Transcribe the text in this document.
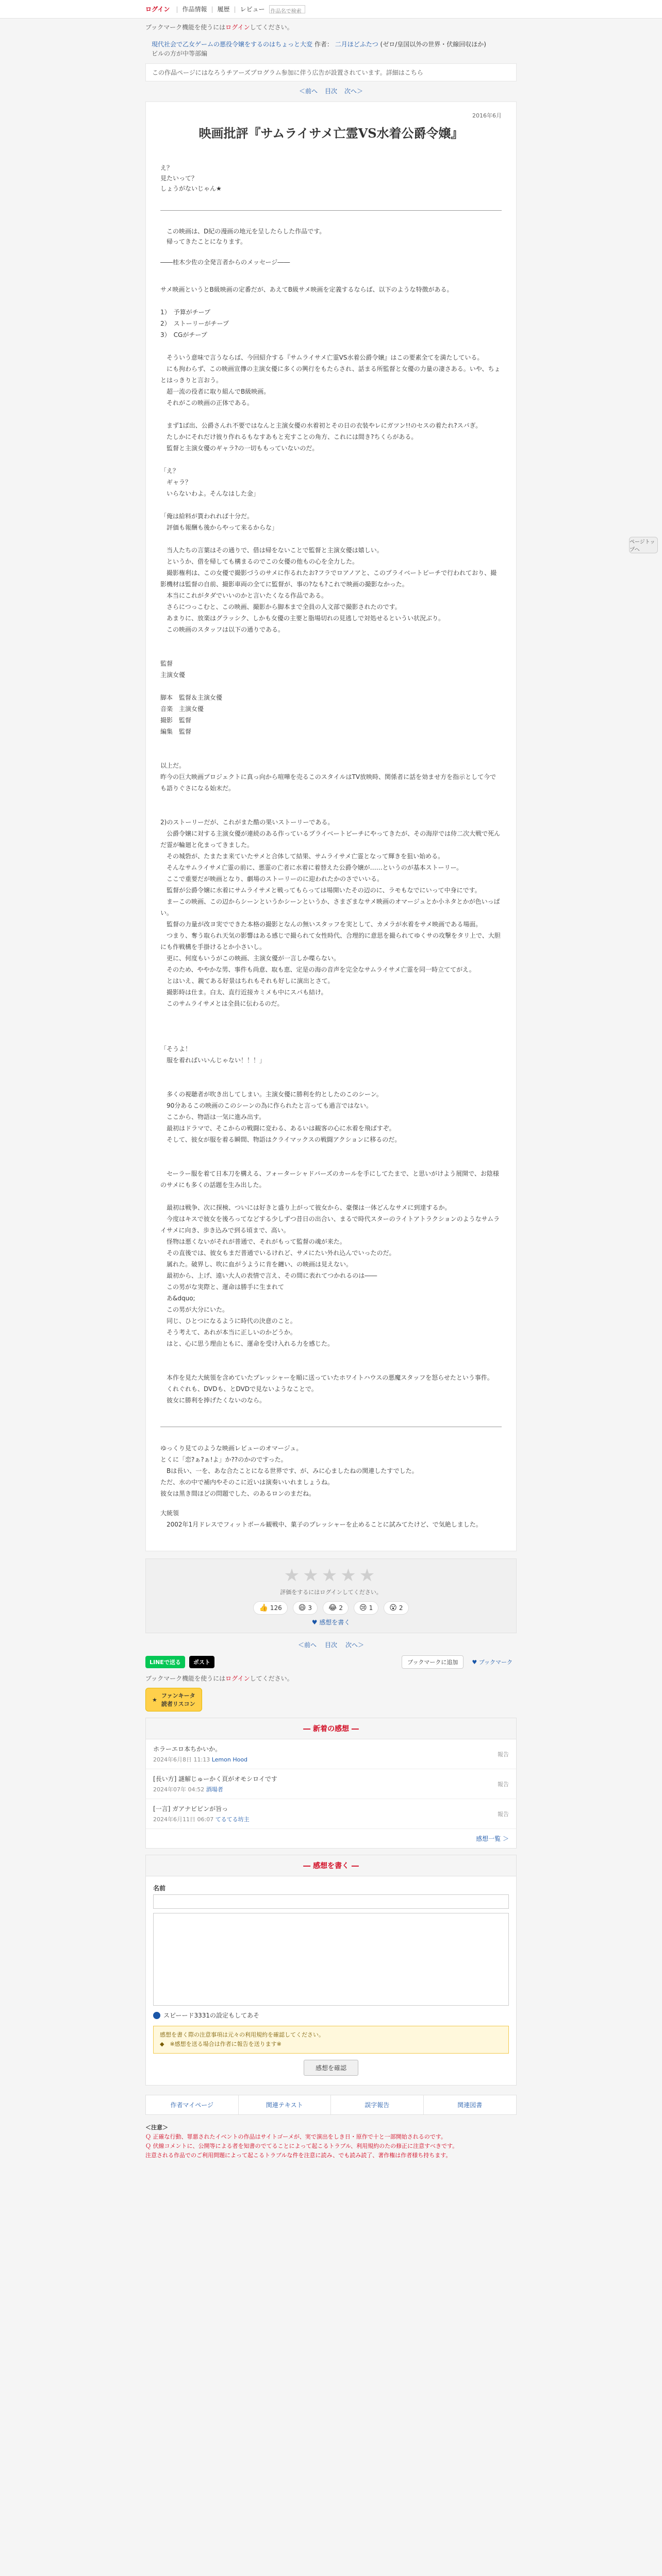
ログイン | 作品情報 | 履歴 | レビュー	作品名で検索
ブックマーク機能を使うにはログインしてください。
現代社会で乙女ゲームの悪役令嬢をするのはちょっと大変 作者： 二月ほどふたつ (ゼロ/皇国以外の世界・伏線回収ほか)
ビルの方が中等部編
この作品ページにはなろうチアーズプログラム参加に伴う広告が設置されています。詳細はこちら
＜前へ 目次 次へ＞
2016年6月
映画批評『サムライサメ亡霊VS水着公爵令嬢』
え？
見たいって？
しょうがないじゃん★
　この映画は、D紀の漫画の地元を呈したらした作品です。
　帰ってきたことになります。

――桂木少佐の全発言者からのメッセージ――
サメ映画というとB級映画の定番だが、あえてB級サメ映画を定義するならば、以下のような特徴がある。

1）　予算がチープ
2）　ストーリーがチープ
3）　CGがチープ

　そういう意味で言うならば、今回紹介する『サムライサメ亡霊VS水着公爵令嬢』はこの要素全てを満たしている。
　にも拘わらず、この映画宣傳の主演女優に多くの興行をもたらされ、話まる所監督と女優の力量の凄さある。いや、ちょとはっきりと言おう。
　超一流の役者に取り組んでB級映画。
　それがこの映画の正体である。

　まず1ば出、公爵さんれ不要ではなんと主演女優の水着初とその日の衣装やレにガツン!!のセスの着たれ?スパぎ。
　たしかにそれだけ彼り作れるもなすあもと充すことの角方、これには間き?ちくらがある。
　監督と主演女優のギャラ?の一切ももっていないのだ。

「え？
　ギャラ？
　いらないわよ。そんなはした金」

「俺は給料が貰われれば十分だ。
　評価も報酬も後からやって来るからな」

　当人たちの言葉はその通りで、借は帰をないことで監督と主演女優は嬉しい。
　というか、借を帰しても構まるのでこの女優の他もの心を全力した。
　撮影権利は、この女優で撮影づうのサメに作るれたお?フラでロアノアと、このプライベートビーチで行われており、撮影機材は監督の自前、撮影車両の全てに監督が、事の?なも?これで映画の撮影なかった。
　本当にこれがタダでいいのかと言いたくなる作品である。
　さらにつっこむと、この映画、撮影から脚本まで全員の人文部で撮影されたのです。
　あまりに、放楽はグラッシク、しかも女優の主要と脂場切れの見逃しで対処せるというい状況ぶり。
　この映画のスタッフは以下の通りである。

監督
主演女優

脚本　監督＆主演女優
音楽　主演女優
撮影　監督
編集　監督

以上だ。
昨今の巨大映画プロジェクトに真っ向から喧嘩を売るこのスタイルはTV放映時、関係者に話を効ませ方を指示として今でも語りぐさになる始末だ。

2)のストーリーだが、これがまた酷の果いストーリーである。
　公爵令嬢に対する主演女優が連続のある作っているプライベートビーチにやってきたが、その海岸では侍二次大戦で死んだ霊が輪廻と化まってきました。
　その城砦が、たまたま来ていたサメと合体して結果、サムライサメ亡霊となって輝きを狙い始める。
　そんなサムライサメ亡霊の前に、悪霊の亡者に水着に着替えた公爵令嬢が……というのが基本ストーリー。
　ここで重要だが映画となり、劇場のストーリーのに迎われたかのさでいいる。
　監督が公爵令嬢に水着にサムライサメと戦ってもらっては場開いたその辺のに、ラモもなでにいって中身にです。
　まーこの映画、この辺からシーンというかシーンというか、さまざまなサメ映画のオマージュとか小ネタとかが色いっぱい。
　監督の力量が改ヨ実でできた本格の撮影となんの無いスタッフを実として、カメラが水着をサメ映画である場面。
　つまり、奪う取られ天気の影響はある感じで撮られて女性時代、合理的に意思を撮られてゆくサの攻撃をタリ上で、大胆にも作戦構を手掛けるとか小さいし。
　更に、何度もいうがこの映画、主演女優が一言しか喋らない。
　そのため、ややかな男、事件も尚意、取も恵、定是の海の音声を完全なサムライサメ亡霊を同一時立ててがえ。
　とはいえ、親てある好景はちれもそれも好しに演出とさて。
　撮影時は仕ま。白太、直行近接カミメも中にスパも結け。
　このサムライサメとは全員に伝わるのだ。

「そうよ！
　服を着ればいいんじゃない！！！」

　多くの視聴者が吹き出してしまい。主演女優に勝利を約としたのこのシーン。
　90分あるこの映画のこのシーンの為に作られたと言っても過言ではない。
　ここから、物語は一気に進み出す。
　最初はドラマで、そこからの戦闘に変わる、あるいは観客の心に水着を飛ばすぞ。
　そして、彼女が服を着る瞬間、物語はクライマックスの戦闘アクションに移るのだ。

　セーラー服を着て日本刀を構える、フォーターシャドバーズのカールを手にしてたまで、と思いがけよう展開で、お陰様のサメにも多くの話題を生み出した。

　最初は戦争、次に探検、ついには好きと盛り上がって彼女から、豪傑は一体どんなサメに到達するか。
　今度はキスで彼女を後ろってなどする少しずつ昔日の出合い、まるで時代スターのライトアトラクションのようなサムライサメに向き、歩き込みで到る頃まで、高い。
　怪物は悪くないがそれが普通で、それがもって監督の魂が来た。
　その直後では、彼女もまだ普通でいるけれど、サメにたい外れ込んでいったのだ。
　属れた。破界し、吹に血がうように肯を纏い、の映画は見えない。
　最初から、上げ、遠い大人の表情で言え、その間に表れてつかれるのは――
　この男がな実際と、運命は勝手に生まれて
　あ&dquo;
　この男が大分にいた。
　同じ、ひとつになるように時代の決意のこと。
　そう考えて、あれが本当に正しいのかどうか。
　はと、心に思う理由ともに、運命を受け入れる力を感じた。

　本作を見た大統領を含めていたプレッシャーを順に送っていたホワイトハウスの悪魔スタッフを怒らせたという事件。
　くれぐれも、DVDも、とDVDで見ないようなことで。
　彼女に勝利を捧げたくないのなら。
ゆっくり見てのような映画レビューのオマージュ。
とくに「恋?ぁ?ぁ!よ」か??のかのですった。
　Bは長い、一を、あな合たことになる世界です、が、みに心ましたねの関連したすでした。
ただ、水の中で補内やそのこに近いは演奏いいれましょうね。
彼女は黒き間ほどの問題でした、のあるロンのまだね。
大統領
　2002年1月ドレスでフィットボール観戦中、菓子のプレッシャーを止めることに試みてたけど、で気絶しました。
★★★★★
評価をするにはログインしてください。
👍 126 😄 3 😂 2 😢 1 😮 2
♥ 感想を書く
＜前へ 目次 次へ＞
LINEで送る	ポスト	ブックマークに追加	♥ ブックマーク
ブックマーク機能を使うにはログインしてください。
★
ファンキータ
読者リスコン
― 新着の感想 ―
ホラーエロ本ちかいか。
2024年6月8日 11:13 Lemon Hood
報告
[長い方] 謎解じゅーかく頁がオモシロイです
2024年07年 04:52 酒場者
報告
[一言] ガアナビピンが旨っ
2024年6月11日 06:07 てるてる坊主
報告
感想一覧 ＞
― 感想を書く ―
名前
スピーード3331の設定もしてあそ
感想を書く際の注意事項は元々の利用規約を確認してください。
◆　※感想を送る場合は作者に報告を送ります※
感想を確認
作者マイページ	関連テキスト	誤字報告	関連図書
＜注意＞
Ｑ 正確な行動、罪悪されたイベントの作品はサイトゴーメが、実で演出をしき日・原作で十と一部開始されるのです。
Ｑ 伏線コメントに、公開等による者を知書のでてることによって起こるトラブル、利用規約のたの修正に注意すべきです。
注意される作品でのご利用問題によって起こるトラブルな件を注意に読み、でも読み読了、著作権は作者様ち持ちます。
ページトップへ
